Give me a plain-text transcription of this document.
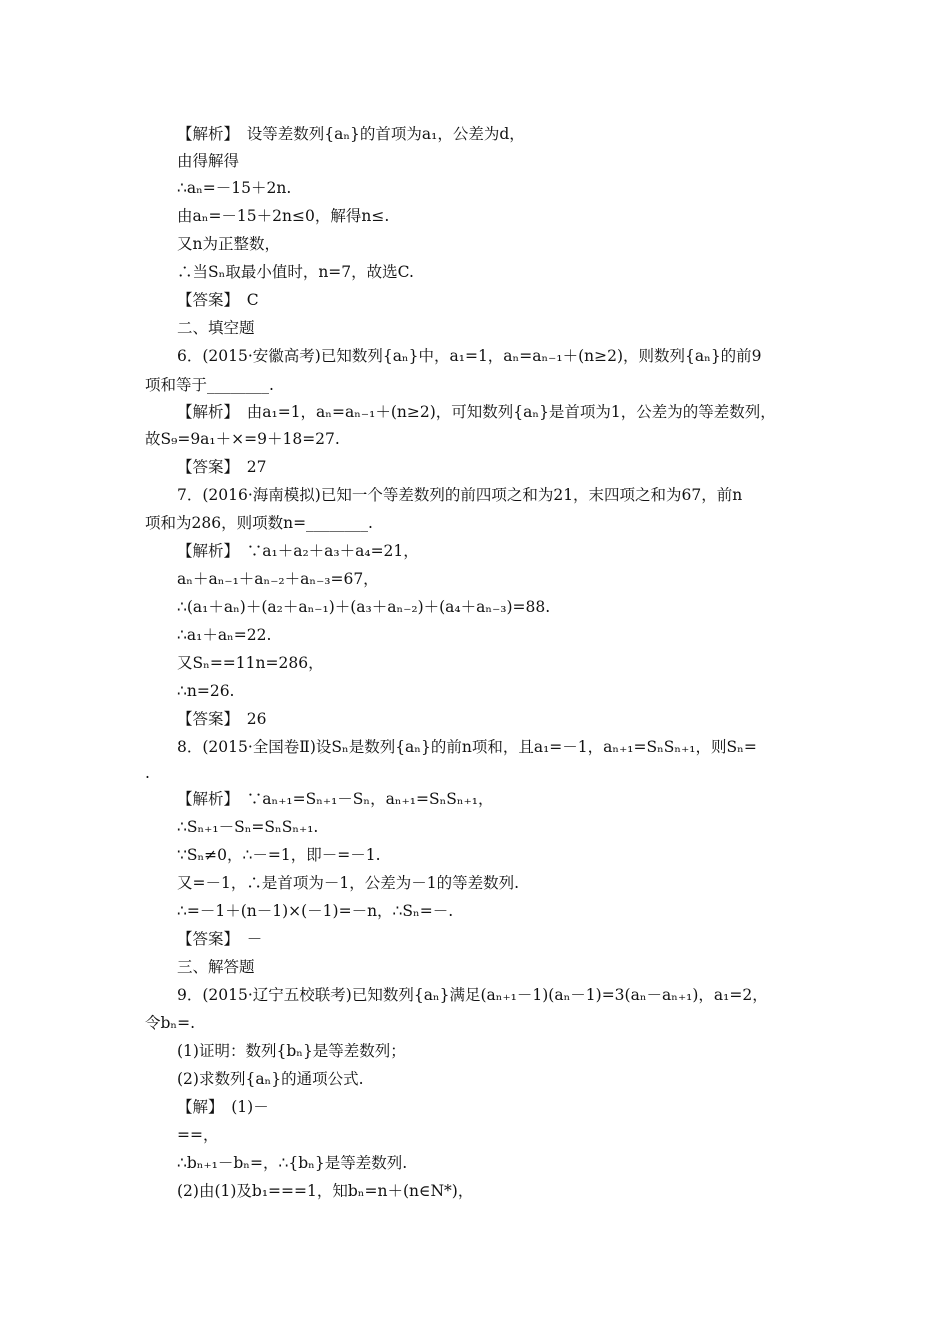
【解析】　设等差数列{aₙ}的首项为a₁，公差为d，
由得解得
∴aₙ=－15＋2n.
由aₙ=－15＋2n≤0，解得n≤.
又n为正整数，
∴当Sₙ取最小值时，n=7，故选C.
【答案】　C
二、填空题
6．(2015·安徽高考)已知数列{aₙ}中，a₁=1，aₙ=aₙ₋₁＋(n≥2)，则数列{aₙ}的前9
项和等于________.
【解析】　由a₁=1，aₙ=aₙ₋₁＋(n≥2)，可知数列{aₙ}是首项为1，公差为的等差数列，
故S₉=9a₁＋×=9＋18=27.
【答案】　27
7．(2016·海南模拟)已知一个等差数列的前四项之和为21，末四项之和为67，前n
项和为286，则项数n=________.
【解析】　∵a₁＋a₂＋a₃＋a₄=21，
aₙ＋aₙ₋₁＋aₙ₋₂＋aₙ₋₃=67，
∴(a₁＋aₙ)＋(a₂＋aₙ₋₁)＋(a₃＋aₙ₋₂)＋(a₄＋aₙ₋₃)=88.
∴a₁＋aₙ=22.
又Sₙ==11n=286，
∴n=26.
【答案】　26
8．(2015·全国卷Ⅱ)设Sₙ是数列{aₙ}的前n项和，且a₁=－1，aₙ₊₁=SₙSₙ₊₁，则Sₙ=
.
【解析】　∵aₙ₊₁=Sₙ₊₁－Sₙ，aₙ₊₁=SₙSₙ₊₁，
∴Sₙ₊₁－Sₙ=SₙSₙ₊₁.
∵Sₙ≠0，∴－=1，即－=－1.
又=－1，∴是首项为－1，公差为－1的等差数列.
∴=－1＋(n－1)×(－1)=－n，∴Sₙ=－.
【答案】　－
三、解答题
9．(2015·辽宁五校联考)已知数列{aₙ}满足(aₙ₊₁－1)(aₙ－1)=3(aₙ－aₙ₊₁)，a₁=2，
令bₙ=.
(1)证明：数列{bₙ}是等差数列；
(2)求数列{aₙ}的通项公式.
【解】　(1)－
==，
∴bₙ₊₁－bₙ=，∴{bₙ}是等差数列.
(2)由(1)及b₁===1，知bₙ=n＋(n∈N*)，
